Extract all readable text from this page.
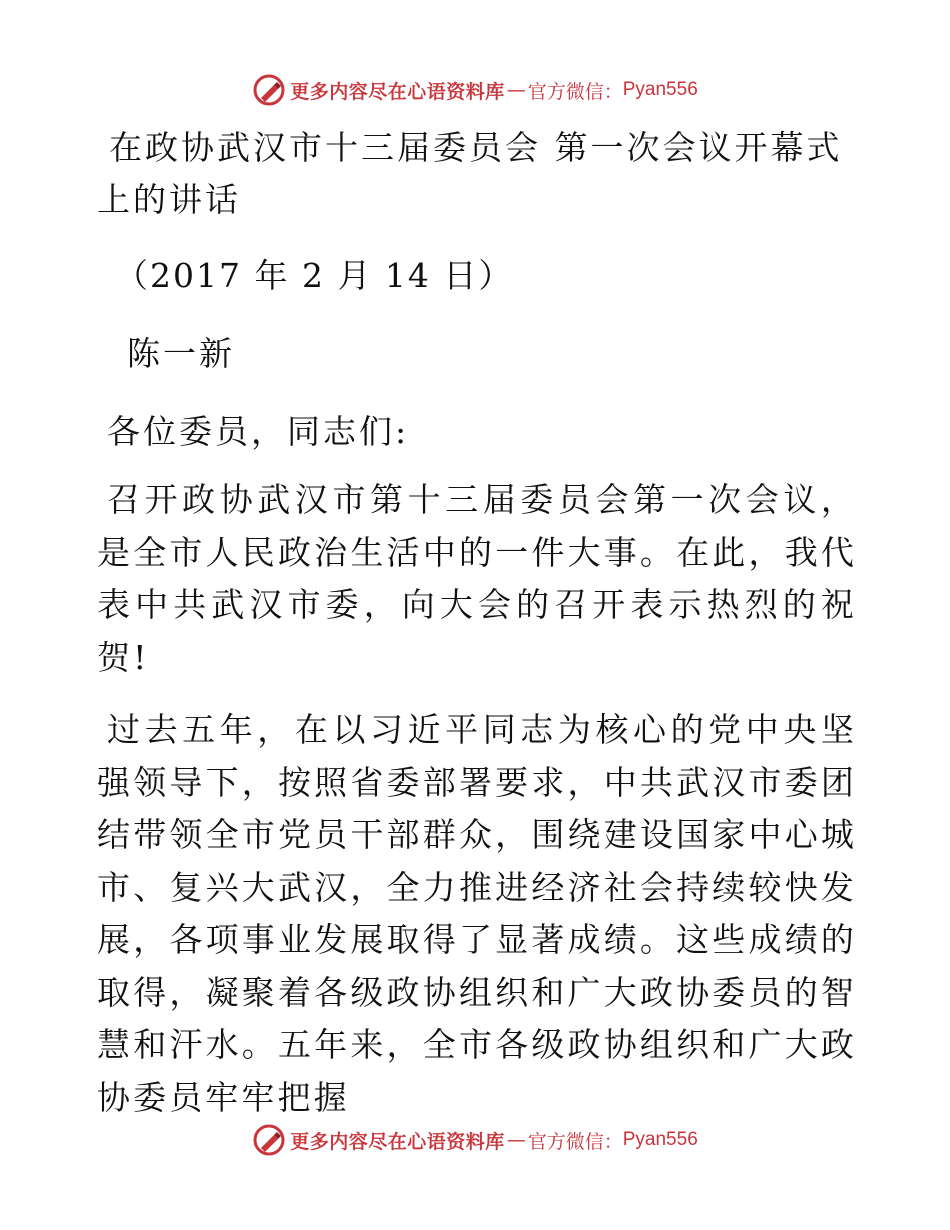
更多内容尽在心语资料库 — 官方微信： Pyan556
在政协武汉市十三届委员会 第一次会议开幕式上的讲话
（2017 年 2 月 14 日）
陈一新
各位委员，同志们:

召开政协武汉市第十三届委员会第一次会议，是全市人民政治生活中的一件大事。在此，我代表中共武汉市委，向大会的召开表示热烈的祝贺!

过去五年，在以习近平同志为核心的党中央坚强领导下，按照省委部署要求，中共武汉市委团结带领全市党员干部群众，围绕建设国家中心城市、复兴大武汉，全力推进经济社会持续较快发展，各项事业发展取得了显著成绩。这些成绩的取得，凝聚着各级政协组织和广大政协委员的智慧和汗水。五年来，全市各级政协组织和广大政协委员牢牢把握

更多内容尽在心语资料库 — 官方微信： Pyan556
